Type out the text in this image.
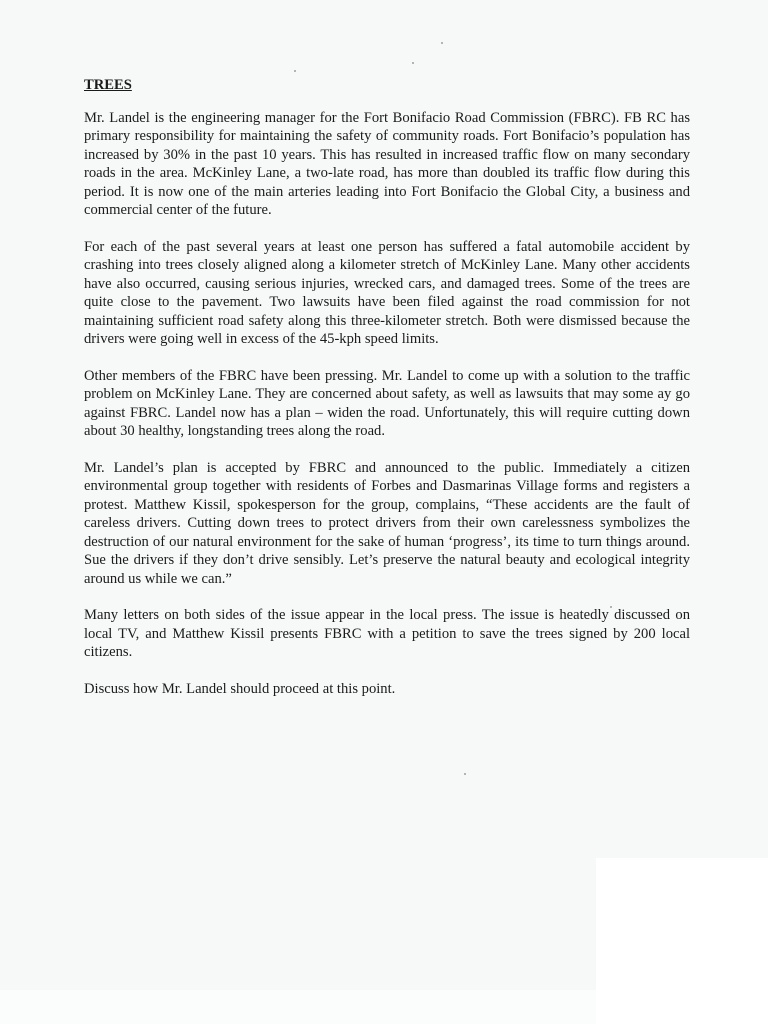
TREES

Mr. Landel is the engineering manager for the Fort Bonifacio Road Commission (FBRC). FB RC has primary responsibility for maintaining the safety of community roads. Fort Bonifacio’s population has increased by 30% in the past 10 years. This has resulted in increased traffic flow on many secondary roads in the area. McKinley Lane, a two-late road, has more than doubled its traffic flow during this period. It is now one of the main arteries leading into Fort Bonifacio the Global City, a business and commercial center of the future.

For each of the past several years at least one person has suffered a fatal automobile accident by crashing into trees closely aligned along a kilometer stretch of McKinley Lane. Many other accidents have also occurred, causing serious injuries, wrecked cars, and damaged trees. Some of the trees are quite close to the pavement. Two lawsuits have been filed against the road commission for not maintaining sufficient road safety along this three-kilometer stretch. Both were dismissed because the drivers were going well in excess of the 45-kph speed limits.

Other members of the FBRC have been pressing. Mr. Landel to come up with a solution to the traffic problem on McKinley Lane. They are concerned about safety, as well as lawsuits that may some ay go against FBRC. Landel now has a plan – widen the road. Unfortunately, this will require cutting down about 30 healthy, longstanding trees along the road.

Mr. Landel’s plan is accepted by FBRC and announced to the public. Immediately a citizen environmental group together with residents of Forbes and Dasmarinas Village forms and registers a protest. Matthew Kissil, spokesperson for the group, complains, “These accidents are the fault of careless drivers. Cutting down trees to protect drivers from their own carelessness symbolizes the destruction of our natural environment for the sake of human ‘progress’, its time to turn things around. Sue the drivers if they don’t drive sensibly. Let’s preserve the natural beauty and ecological integrity around us while we can.”

Many letters on both sides of the issue appear in the local press. The issue is heatedly discussed on local TV, and Matthew Kissil presents FBRC with a petition to save the trees signed by 200 local citizens.

Discuss how Mr. Landel should proceed at this point.
